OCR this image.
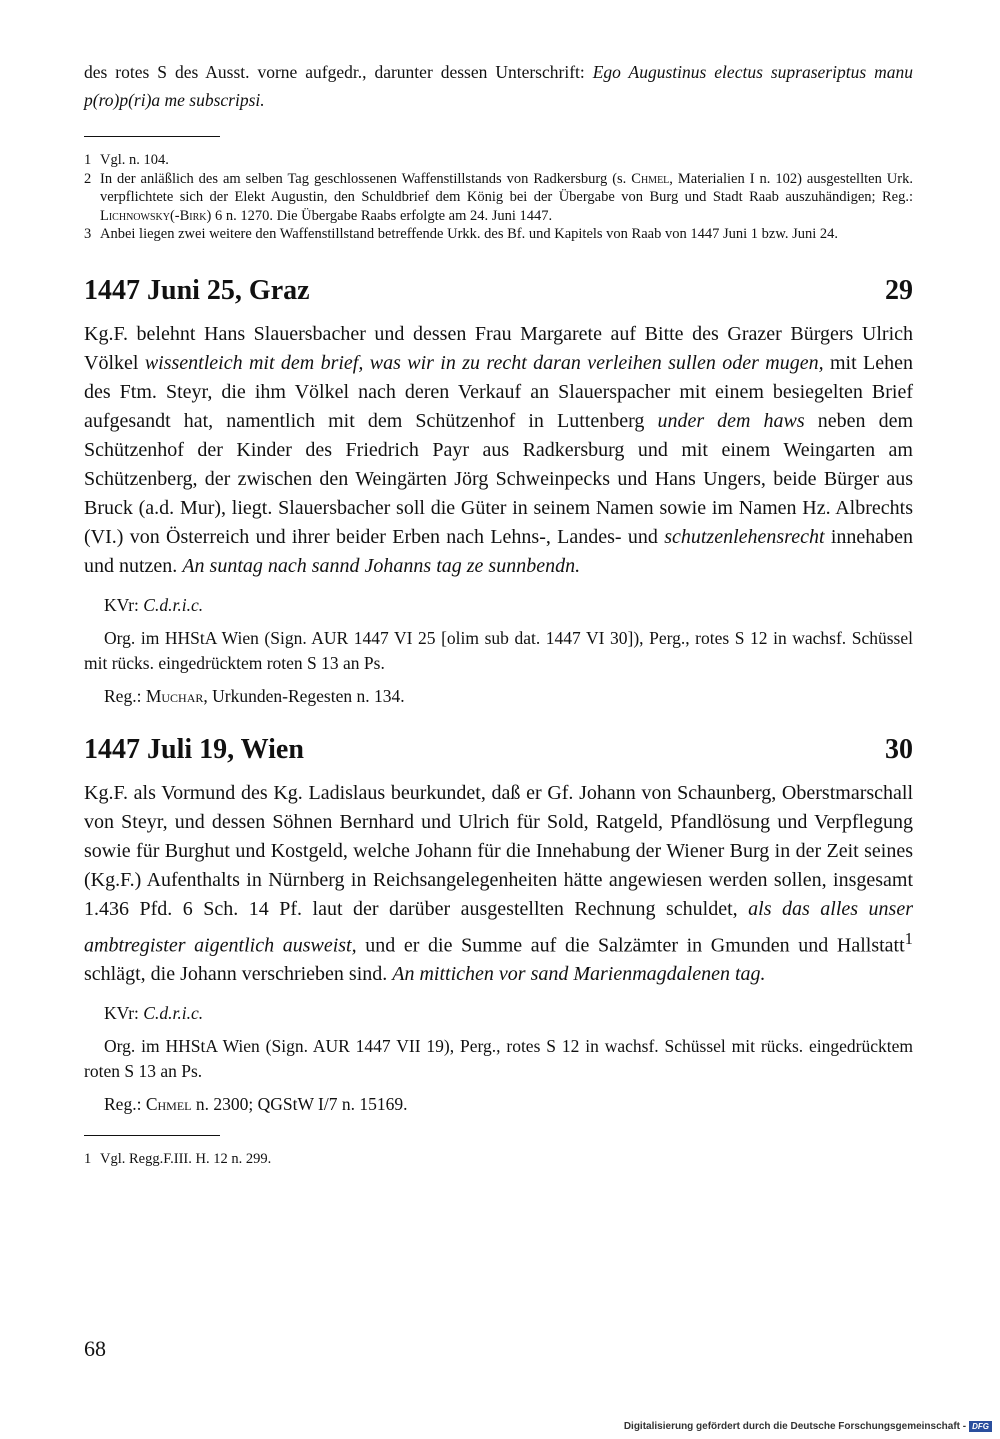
des rotes S des Ausst. vorne aufgedr., darunter dessen Unterschrift: Ego Augustinus electus supraseriptus manu p(ro)p(ri)a me subscripsi.

1 Vgl. n. 104.

2 In der anläßlich des am selben Tag geschlossenen Waffenstillstands von Radkersburg (s. Chmel, Materialien I n. 102) ausgestellten Urk. verpflichtete sich der Elekt Augustin, den Schuldbrief dem König bei der Übergabe von Burg und Stadt Raab auszuhändigen; Reg.: Lichnowsky(-Birk) 6 n. 1270. Die Übergabe Raabs erfolgte am 24. Juni 1447.

3 Anbei liegen zwei weitere den Waffenstillstand betreffende Urkk. des Bf. und Kapitels von Raab von 1447 Juni 1 bzw. Juni 24.

1447 Juni 25, Graz	29

Kg.F. belehnt Hans Slauersbacher und dessen Frau Margarete auf Bitte des Grazer Bürgers Ulrich Völkel wissentleich mit dem brief, was wir in zu recht daran verleihen sullen oder mugen, mit Lehen des Ftm. Steyr, die ihm Völkel nach deren Verkauf an Slauerspacher mit einem besiegelten Brief aufgesandt hat, namentlich mit dem Schützenhof in Luttenberg under dem haws neben dem Schützenhof der Kinder des Friedrich Payr aus Radkersburg und mit einem Weingarten am Schützenberg, der zwischen den Weingärten Jörg Schweinpecks und Hans Ungers, beide Bürger aus Bruck (a.d. Mur), liegt. Slauersbacher soll die Güter in seinem Namen sowie im Namen Hz. Albrechts (VI.) von Österreich und ihrer beider Erben nach Lehns-, Landes- und schutzenlehensrecht innehaben und nutzen. An suntag nach sannd Johanns tag ze sunnbendn.

KVr: C.d.r.i.c.

Org. im HHStA Wien (Sign. AUR 1447 VI 25 [olim sub dat. 1447 VI 30]), Perg., rotes S 12 in wachsf. Schüssel mit rücks. eingedrücktem roten S 13 an Ps.

Reg.: Muchar, Urkunden-Regesten n. 134.

1447 Juli 19, Wien	30

Kg.F. als Vormund des Kg. Ladislaus beurkundet, daß er Gf. Johann von Schaunberg, Oberstmarschall von Steyr, und dessen Söhnen Bernhard und Ulrich für Sold, Ratgeld, Pfandlösung und Verpflegung sowie für Burghut und Kostgeld, welche Johann für die Innehabung der Wiener Burg in der Zeit seines (Kg.F.) Aufenthalts in Nürnberg in Reichsangelegenheiten hätte angewiesen werden sollen, insgesamt 1.436 Pfd. 6 Sch. 14 Pf. laut der darüber ausgestellten Rechnung schuldet, als das alles unser ambtregister aigentlich ausweist, und er die Summe auf die Salzämter in Gmunden und Hallstatt$^1$ schlägt, die Johann verschrieben sind. An mittichen vor sand Marienmagdalenen tag.

KVr: C.d.r.i.c.

Org. im HHStA Wien (Sign. AUR 1447 VII 19), Perg., rotes S 12 in wachsf. Schüssel mit rücks. eingedrücktem roten S 13 an Ps.

Reg.: Chmel n. 2300; QGStW I/7 n. 15169.

1 Vgl. Regg.F.III. H. 12 n. 299.

68
Digitalisierung gefördert durch die Deutsche Forschungsgemeinschaft - DFG
